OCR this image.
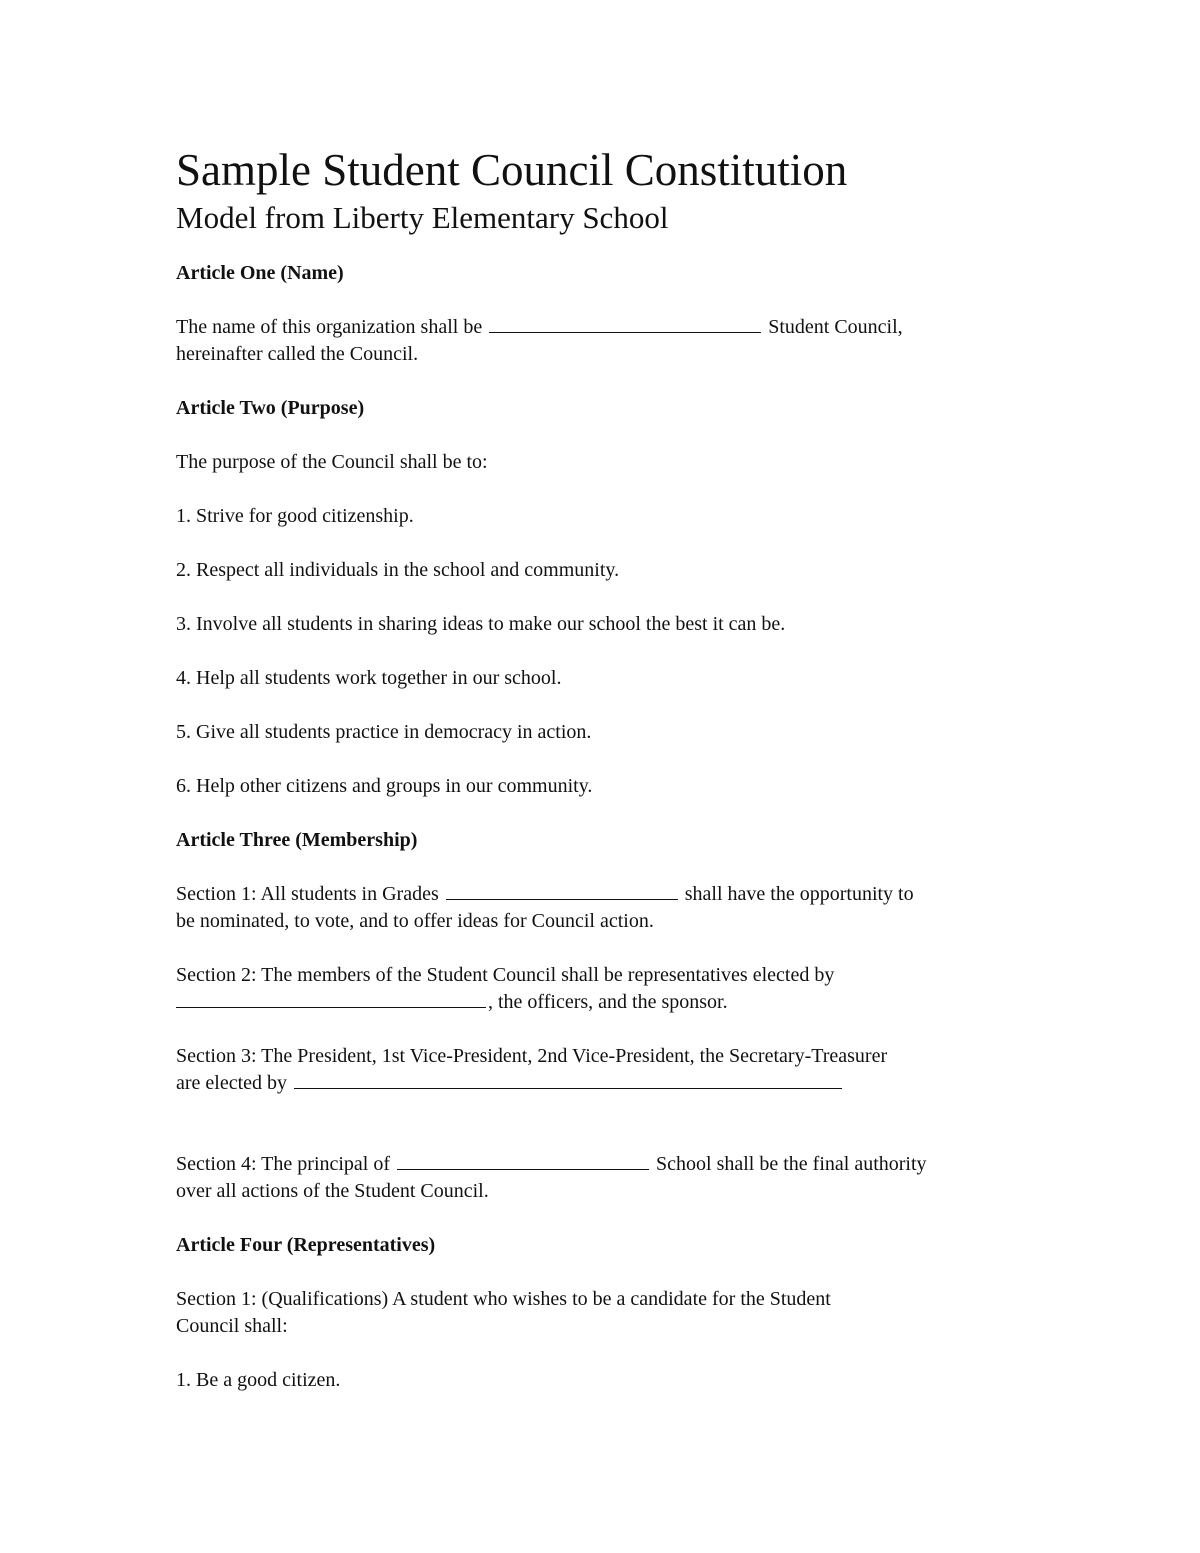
Sample Student Council Constitution
Model from Liberty Elementary School
Article One (Name)
The name of this organization shall be	Student Council,
hereinafter called the Council.
Article Two (Purpose)
The purpose of the Council shall be to:
1. Strive for good citizenship.
2. Respect all individuals in the school and community.
3. Involve all students in sharing ideas to make our school the best it can be.
4. Help all students work together in our school.
5. Give all students practice in democracy in action.
6. Help other citizens and groups in our community.
Article Three (Membership)
Section 1: All students in Grades	shall have the opportunity to
be nominated, to vote, and to offer ideas for Council action.
Section 2: The members of the Student Council shall be representatives elected by
, the officers, and the sponsor.
Section 3: The President, 1st Vice-President, 2nd Vice-President, the Secretary-Treasurer
are elected by
Section 4: The principal of	School shall be the final authority
over all actions of the Student Council.
Article Four (Representatives)
Section 1: (Qualifications) A student who wishes to be a candidate for the Student
Council shall:
1. Be a good citizen.
